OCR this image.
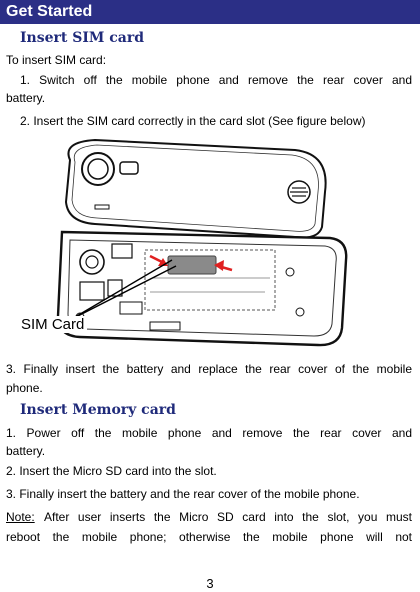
Get Started
Insert SIM card
To insert SIM card:
1. Switch off the mobile phone and remove the rear cover and
battery.
2. Insert the SIM card correctly in the card slot (See figure below)
SIM Card
3. Finally insert the battery and replace the rear cover of the mobile
phone.
Insert Memory card
1. Power off the mobile phone and remove the rear cover and
battery.
2. Insert the Micro SD card into the slot.
3. Finally insert the battery and the rear cover of the mobile phone.
Note: After user inserts the Micro SD card into the slot, you must
reboot the mobile phone; otherwise the mobile phone will not
3
